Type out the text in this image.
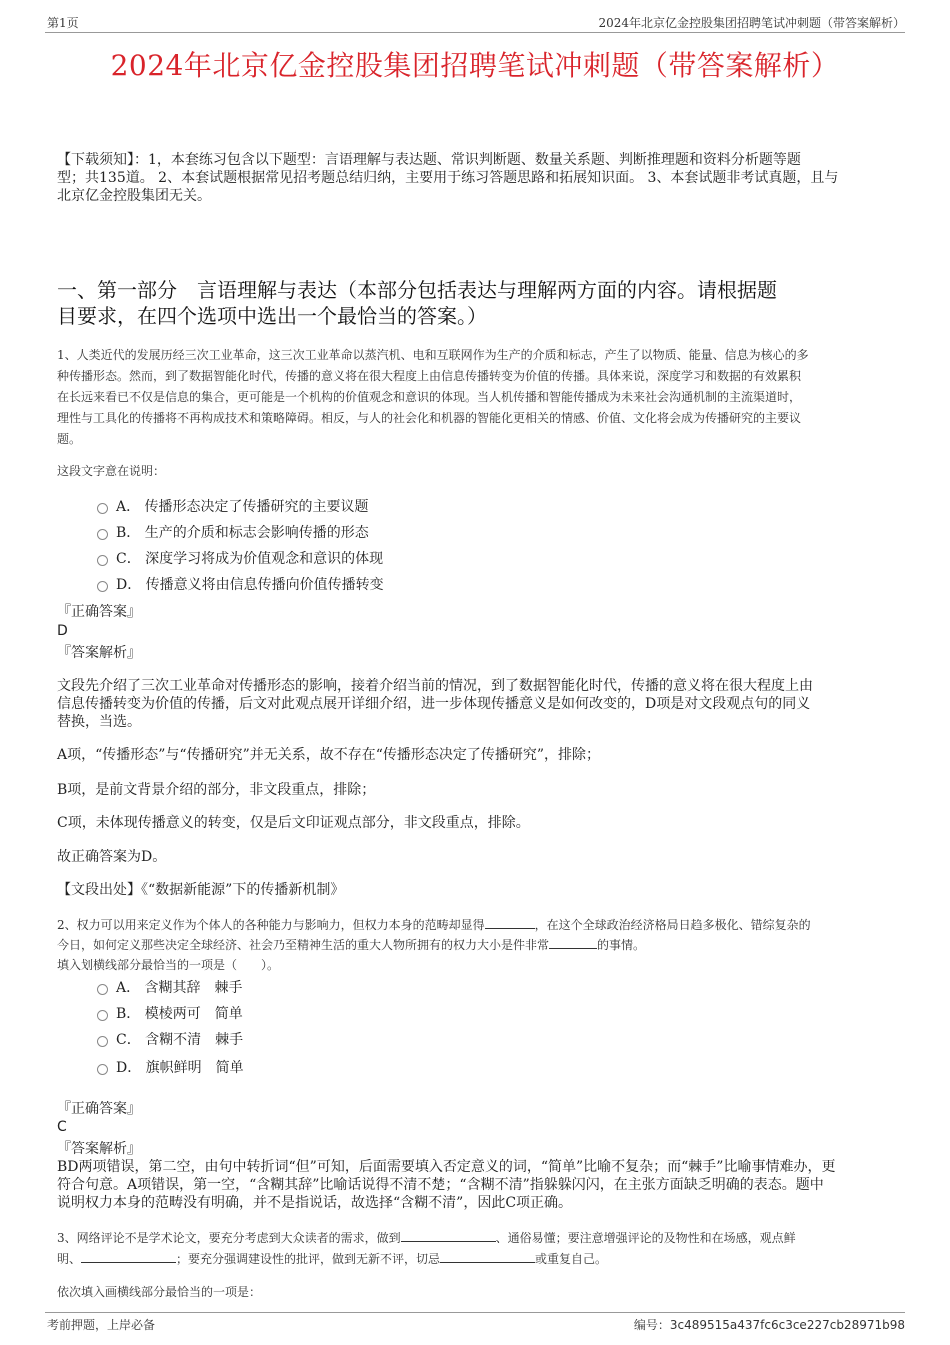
第1页	2024年北京亿金控股集团招聘笔试冲刺题（带答案解析）
2024年北京亿金控股集团招聘笔试冲刺题（带答案解析）
【下载须知】：1，本套练习包含以下题型：言语理解与表达题、常识判断题、数量关系题、判断推理题和资料分析题等题
型；共135道。 2、本套试题根据常见招考题总结归纳，主要用于练习答题思路和拓展知识面。 3、本套试题非考试真题，且与
北京亿金控股集团无关。
一、第一部分　言语理解与表达（本部分包括表达与理解两方面的内容。请根据题
目要求，在四个选项中选出一个最恰当的答案。）
1、人类近代的发展历经三次工业革命，这三次工业革命以蒸汽机、电和互联网作为生产的介质和标志，产生了以物质、能量、信息为核心的多
种传播形态。然而，到了数据智能化时代，传播的意义将在很大程度上由信息传播转变为价值的传播。具体来说，深度学习和数据的有效累积
在长远来看已不仅是信息的集合，更可能是一个机构的价值观念和意识的体现。当人机传播和智能传播成为未来社会沟通机制的主流渠道时，
理性与工具化的传播将不再构成技术和策略障碍。相反，与人的社会化和机器的智能化更相关的情感、价值、文化将会成为传播研究的主要议
题。
这段文字意在说明：
A． 传播形态决定了传播研究的主要议题
B． 生产的介质和标志会影响传播的形态
C． 深度学习将成为价值观念和意识的体现
D． 传播意义将由信息传播向价值传播转变
『正确答案』
D
『答案解析』
文段先介绍了三次工业革命对传播形态的影响，接着介绍当前的情况，到了数据智能化时代，传播的意义将在很大程度上由
信息传播转变为价值的传播，后文对此观点展开详细介绍，进一步体现传播意义是如何改变的，D项是对文段观点句的同义
替换，当选。
A项，“传播形态”与“传播研究”并无关系，故不存在“传播形态决定了传播研究”，排除；
B项，是前文背景介绍的部分，非文段重点，排除；
C项，未体现传播意义的转变，仅是后文印证观点部分，非文段重点，排除。
故正确答案为D。
【文段出处】《“数据新能源”下的传播新机制》
2、权力可以用来定义作为个体人的各种能力与影响力，但权力本身的范畴却显得	，在这个全球政治经济格局日趋多极化、错综复杂的
今日，如何定义那些决定全球经济、社会乃至精神生活的重大人物所拥有的权力大小是件非常	的事情。
填入划横线部分最恰当的一项是（　　）。
A． 含糊其辞　棘手
B． 模棱两可　简单
C． 含糊不清　棘手
D． 旗帜鲜明　简单
『正确答案』
C
『答案解析』
BD两项错误，第二空，由句中转折词“但”可知，后面需要填入否定意义的词，“简单”比喻不复杂；而“棘手”比喻事情难办，更
符合句意。A项错误，第一空，“含糊其辞”比喻话说得不清不楚；“含糊不清”指躲躲闪闪，在主张方面缺乏明确的表态。题中
说明权力本身的范畴没有明确，并不是指说话，故选择“含糊不清”，因此C项正确。
3、网络评论不是学术论文，要充分考虑到大众读者的需求，做到	、通俗易懂；要注意增强评论的及物性和在场感，观点鲜
明、	；要充分强调建设性的批评，做到无新不评，切忌	或重复自己。
依次填入画横线部分最恰当的一项是：
考前押题，上岸必备	编号：3c489515a437fc6c3ce227cb28971b98
